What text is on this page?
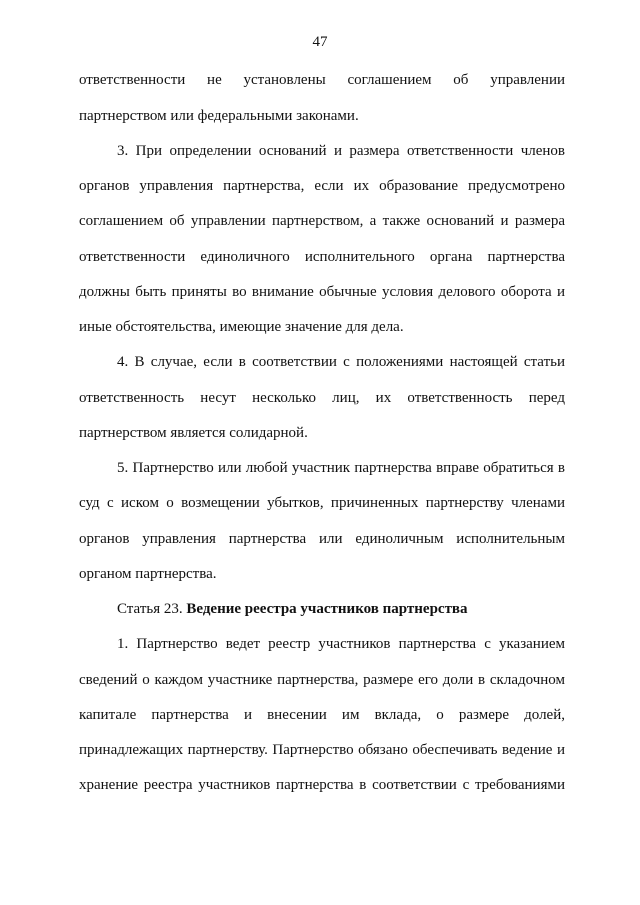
47
ответственности не установлены соглашением об управлении
партнерством или федеральными законами.
3. При определении оснований и размера ответственности членов
органов управления партнерства, если их образование предусмотрено
соглашением об управлении партнерством, а также оснований и размера
ответственности единоличного исполнительного органа партнерства
должны быть приняты во внимание обычные условия делового оборота и
иные обстоятельства, имеющие значение для дела.
4. В случае, если в соответствии с положениями настоящей статьи
ответственность несут несколько лиц, их ответственность перед
партнерством является солидарной.
5. Партнерство или любой участник партнерства вправе обратиться в
суд с иском о возмещении убытков, причиненных партнерству членами
органов управления партнерства или единоличным исполнительным
органом партнерства.
Статья 23. Ведение реестра участников партнерства
1. Партнерство ведет реестр участников партнерства с указанием
сведений о каждом участнике партнерства, размере его доли в складочном
капитале партнерства и внесении им вклада, о размере долей,
принадлежащих партнерству. Партнерство обязано обеспечивать ведение и
хранение реестра участников партнерства в соответствии с требованиями
